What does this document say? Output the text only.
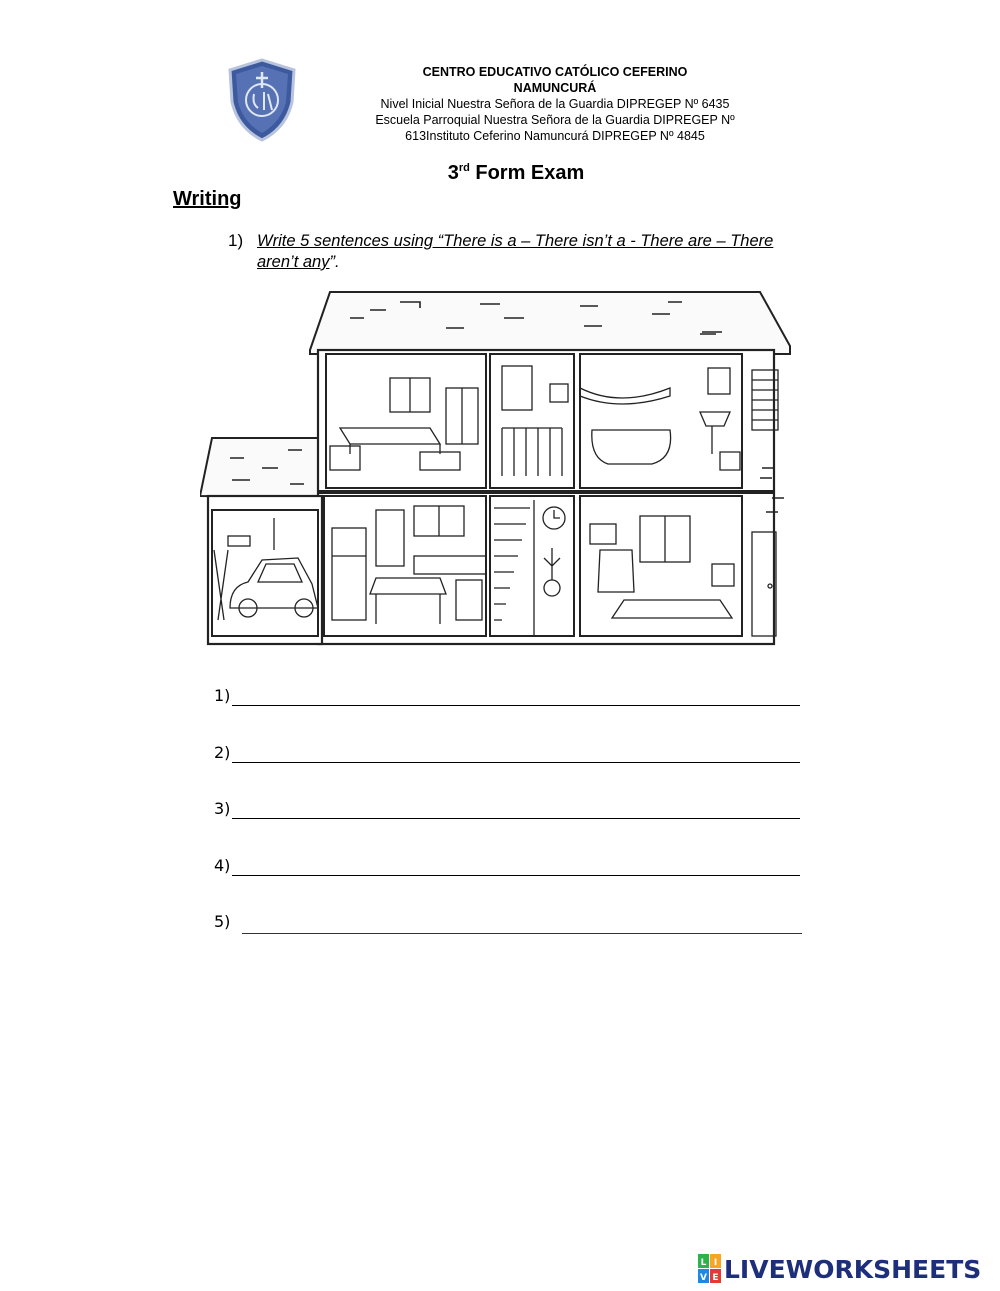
CENTRO EDUCATIVO CATÓLICO CEFERINO
NAMUNCURÁ
Nivel Inicial Nuestra Señora de la Guardia DIPREGEP Nº 6435
Escuela Parroquial Nuestra Señora de la Guardia DIPREGEP Nº
613Instituto Ceferino Namuncurá DIPREGEP Nº 4845
3rd Form Exam
Writing
1) Write 5 sentences using “There is a – There isn’t a - There are – There aren’t any”.
1)
2)
3)
4)
5)
L I
V E LIVEWORKSHEETS
